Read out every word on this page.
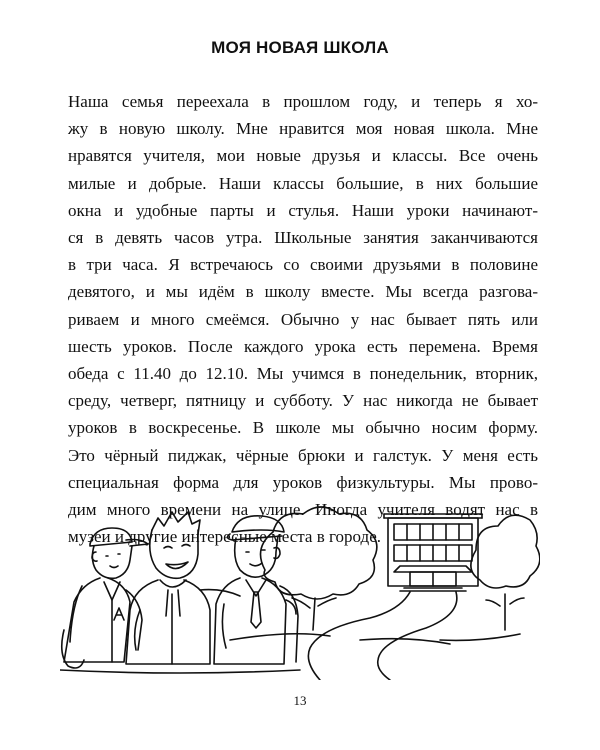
МОЯ НОВАЯ ШКОЛА
Наша семья переехала в прошлом году, и теперь я хо-
жу в новую школу. Мне нравится моя новая школа. Мне
нравятся учителя, мои новые друзья и классы. Все очень
милые и добрые. Наши классы большие, в них большие
окна и удобные парты и стулья. Наши уроки начинают-
ся в девять часов утра. Школьные занятия заканчиваются
в три часа. Я встречаюсь со своими друзьями в половине
девятого, и мы идём в школу вместе. Мы всегда разгова-
риваем и много смеёмся. Обычно у нас бывает пять или
шесть уроков. После каждого урока есть перемена. Время
обеда с 11.40 до 12.10. Мы учимся в понедельник, вторник,
среду, четверг, пятницу и субботу. У нас никогда не бывает
уроков в воскресенье. В школе мы обычно носим форму.
Это чёрный пиджак, чёрные брюки и галстук. У меня есть
специальная форма для уроков физкультуры. Мы прово-
дим много времени на улице. Иногда учителя водят нас в
музеи и другие интересные места в городе.
13
